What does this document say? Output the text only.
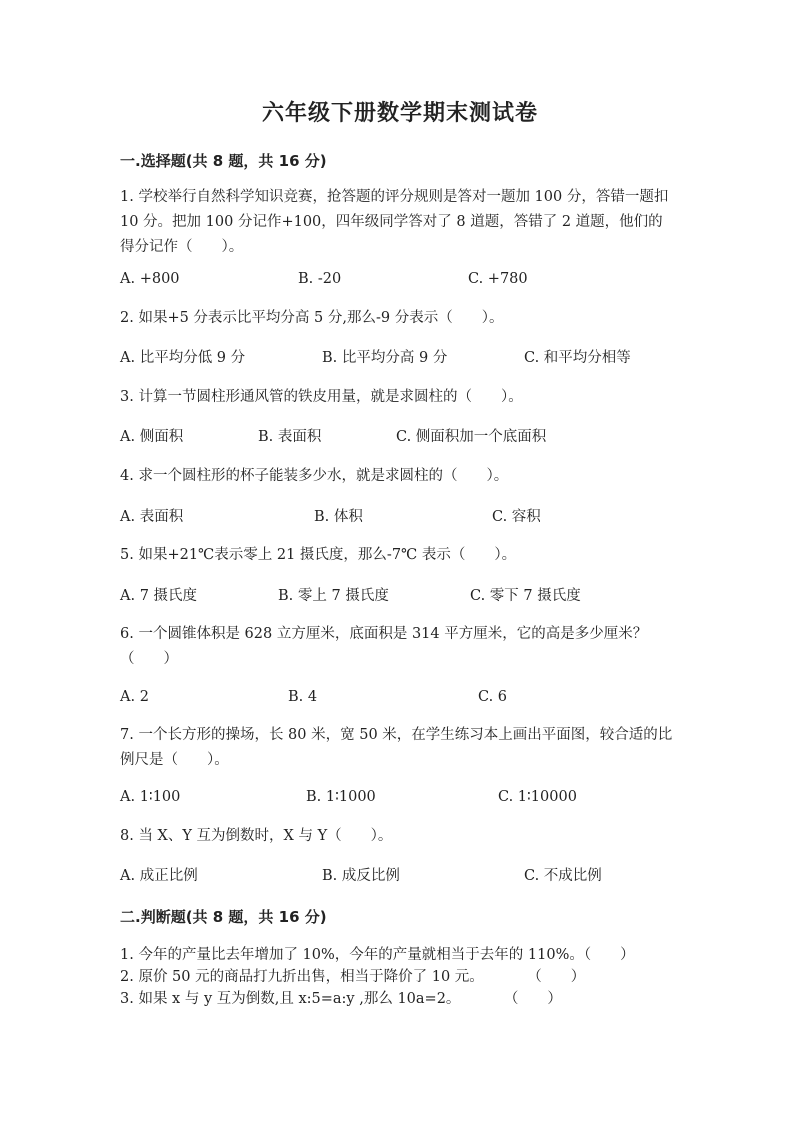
六年级下册数学期末测试卷
一.选择题(共 8 题，共 16 分)
1. 学校举行自然科学知识竞赛，抢答题的评分规则是答对一题加 100 分，答错一题扣 10 分。把加 100 分记作+100，四年级同学答对了 8 道题，答错了 2 道题，他们的得分记作（　　）。
A. +800	B. -20	C. +780
2. 如果+5 分表示比平均分高 5 分,那么-9 分表示（　　）。
A. 比平均分低 9 分	B. 比平均分高 9 分	C. 和平均分相等
3. 计算一节圆柱形通风管的铁皮用量，就是求圆柱的（　　）。
A. 侧面积	B. 表面积	C. 侧面积加一个底面积
4. 求一个圆柱形的杯子能装多少水，就是求圆柱的（　　）。
A. 表面积	B. 体积	C. 容积
5. 如果+21℃表示零上 21 摄氏度，那么-7℃ 表示（　　）。
A. 7 摄氏度	B. 零上 7 摄氏度	C. 零下 7 摄氏度
6. 一个圆锥体积是 628 立方厘米，底面积是 314 平方厘米，它的高是多少厘米？（　　）
A. 2	B. 4	C. 6
7. 一个长方形的操场，长 80 米，宽 50 米，在学生练习本上画出平面图，较合适的比例尺是（　　）。
A. 1∶100	B. 1∶1000	C. 1∶10000
8. 当 X、Y 互为倒数时，X 与 Y（　　）。
A. 成正比例	B. 成反比例	C. 不成比例
二.判断题(共 8 题，共 16 分)
1. 今年的产量比去年增加了 10%，今年的产量就相当于去年的 110%。（　　）
2. 原价 50 元的商品打九折出售，相当于降价了 10 元。　　　　（　　）
3. 如果 x 与 y 互为倒数,且 x:5=a:y ,那么 10a=2。　　　　（　　）
